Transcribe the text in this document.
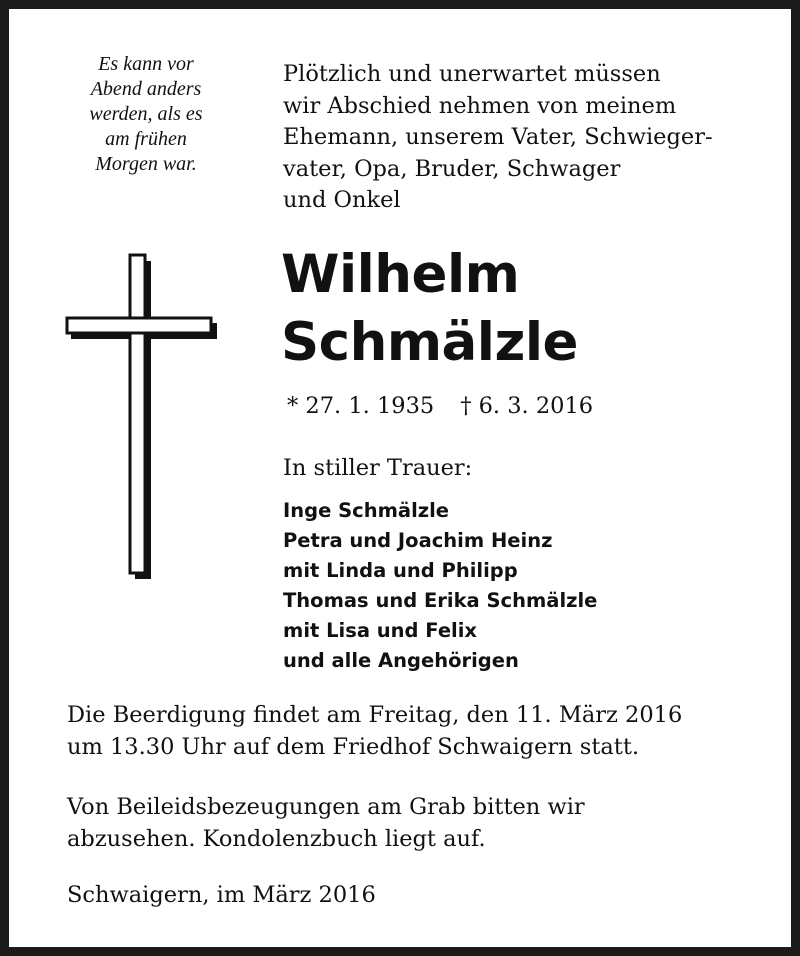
Es kann vor
Abend anders
werden, als es
am frühen
Morgen war.
Plötzlich und unerwartet müssen
wir Abschied nehmen von meinem
Ehemann, unserem Vater, Schwieger-
vater, Opa, Bruder, Schwager
und Onkel
Wilhelm
Schmälzle
* 27. 1. 1935 † 6. 3. 2016
In stiller Trauer:
Inge Schmälzle
Petra und Joachim Heinz
mit Linda und Philipp
Thomas und Erika Schmälzle
mit Lisa und Felix
und alle Angehörigen
Die Beerdigung findet am Freitag, den 11. März 2016
um 13.30 Uhr auf dem Friedhof Schwaigern statt.
Von Beileidsbezeugungen am Grab bitten wir
abzusehen. Kondolenzbuch liegt auf.
Schwaigern, im März 2016
